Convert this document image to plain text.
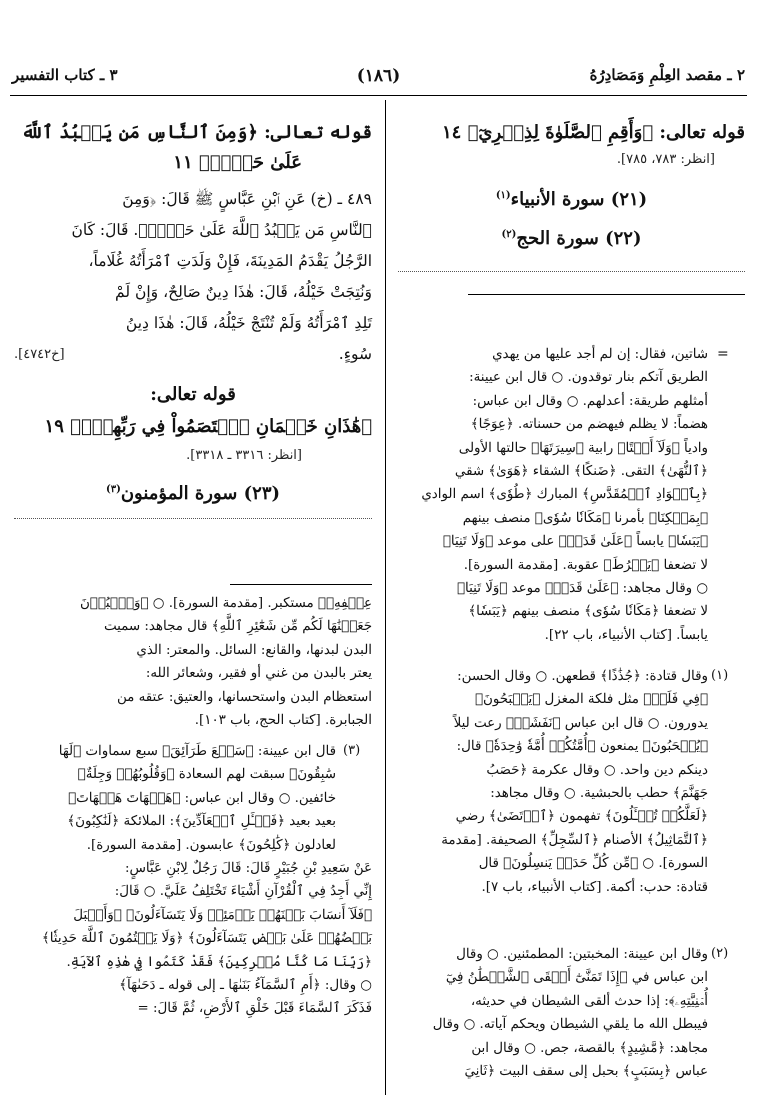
٢ ـ مقصد العِلْمِ وَمَصَادِرُهُ
(١٨٦)
٣ ـ كتاب التفسير
قوله تعالى: ﴿وَأَقِمِ ٱلصَّلَوٰةَ لِذِكۡرِيٓ﴾ ١٤
[انظر: ٧٨٣، ٧٨٥].
(٢١) سورة الأنبياء$^{(١)}$
(٢٢) سورة الحج$^{(٢)}$
=

شاتين، فقال: إن لم أجد عليها من يهدي

الطريق آتكم بنار توقدون. ○ قال ابن عيينة:

أمثلهم طريقة: أعدلهم. ○ وقال ابن عباس:

هضماً: لا يظلم فيهضم من حسناته. ﴿عِوَجًا﴾

وادياً ﴿وَلَآ أَمۡتًا﴾ رابية ﴿سِيرَتَهَا﴾ حالتها الأولى

﴿ٱلنُّهَىٰ﴾ التقى. ﴿ضَنكًا﴾ الشقاء ﴿هَوَىٰ﴾ شقي

﴿بِٱلۡوَادِ ٱلۡمُقَدَّسِ﴾ المبارك ﴿طُوٗى﴾ اسم الوادي

﴿بِمَلۡكِنَا﴾ بأمرنا ﴿مَكَانٗا سُوٗى﴾ منصف بينهم

﴿يَبَسٗا﴾ يابساً ﴿عَلَىٰ قَدَرٖ﴾ على موعد ﴿وَلَا تَنِيَا﴾

لا تضعفا ﴿يَفۡرُطَ﴾ عقوبة. [مقدمة السورة].

○ وقال مجاهد: ﴿عَلَىٰ قَدَرٖ﴾ موعد ﴿وَلَا تَنِيَا﴾

لا تضعفا ﴿مَكَانٗا سُوٗى﴾ منصف بينهم ﴿يَبَسٗا﴾

يابساً. [كتاب الأنبياء، باب ٢٢].

(١)

وقال قتادة: ﴿جُذَٰذًا﴾ قطعهن. ○ وقال الحسن:

﴿فِي فَلَكٖ﴾ مثل فلكة المغزل ﴿يَسۡبَحُونَ﴾

يدورون. ○ قال ابن عباس ﴿نَفَشَتۡ﴾ رعت ليلاً

﴿يُصۡحَبُونَ﴾ يمنعون ﴿أُمَّتُكُمۡ أُمَّةٗ وَٰحِدَةٗ﴾ قال:

دينكم دين واحد. ○ وقال عكرمة ﴿حَصَبُ

جَهَنَّمَ﴾ حطب بالحبشية. ○ وقال مجاهد:

﴿لَعَلَّكُمۡ تُسۡـَٔلُونَ﴾ تفهمون ﴿ٱرۡتَضَىٰ﴾ رضي

﴿ٱلتَّمَاثِيلُ﴾ الأصنام ﴿ٱلسِّجِلِّ﴾ الصحيفة. [مقدمة

السورة]. ○ ﴿مِّن كُلِّ حَدَبٖ يَنسِلُونَ﴾ قال

قتادة: حدب: أكمة. [كتاب الأنبياء، باب ٧].

(٢)

وقال ابن عيينة: المخبتين: المطمئنين. ○ وقال

ابن عباس في ﴿إِذَا تَمَنَّىٰٓ أَلۡقَى ٱلشَّيۡطَٰنُ فِيٓ

أُمۡنِيَّتِهِۦ﴾: إذا حدث ألقى الشيطان في حديثه،

فيبطل الله ما يلقي الشيطان ويحكم آياته. ○ وقال

مجاهد: ﴿مَّشِيدٍ﴾ بالقصة، جص. ○ وقال ابن

عباس ﴿بِسَبَبٍ﴾ بحبل إلى سقف البيت ﴿ثَانِيَ

قوله تعالى: ﴿وَمِنَ ٱلنَّاسِ مَن يَعۡبُدُ ٱللَّهَ
عَلَىٰ حَرۡفٖ﴾ ١١
٤٨٩ ـ (خ) عَنِ ٱبْنِ عَبَّاسٍ ﷺ قَالَ: ﴿وَمِنَ
ٱلنَّاسِ مَن يَعۡبُدُ ٱللَّهَ عَلَىٰ حَرۡفٖ﴾. قَالَ: كَانَ
الرَّجُلُ يَقْدَمُ المَدِينَةَ، فَإِنْ وَلَدَتِ ٱمْرَأَتُهُ غُلَاماً،
وَنُتِجَتْ خَيْلُهُ، قَالَ: هٰذَا دِينٌ صَالِحٌ، وَإِنْ لَمْ
تَلِدِ ٱمْرَأَتُهُ وَلَمْ تُنْتَجْ خَيْلُهُ، قَالَ: هٰذَا دِينُ
سُوءٍ.
[خ٤٧٤٢].
قوله تعالى:
﴿هَٰذَانِ خَصۡمَانِ ٱخۡتَصَمُواْ فِي رَبِّهِمۡۖ﴾ ١٩
[انظر: ٣٣١٦ ـ ٣٣١٨].
(٢٣) سورة المؤمنون$^{(٣)}$

عِطۡفِهِۦ﴾ مستكبر. [مقدمة السورة]. ○ ﴿وَٱلۡبُدۡنَ

جَعَلۡنَٰهَا لَكُم مِّن شَعَٰٓئِرِ ٱللَّهِ﴾ قال مجاهد: سميت

البدن لبدنها، والقانع: السائل. والمعتر: الذي

يعتر بالبدن من غني أو فقير، وشعائر الله:

استعظام البدن واستحسانها، والعتيق: عتقه من

الجبابرة. [كتاب الحج، باب ١٠٣].

(٣)

قال ابن عيينة: ﴿سَبۡعَ طَرَآئِقَ﴾ سبع سماوات ﴿لَهَا

سَٰبِقُونَ﴾ سبقت لهم السعادة ﴿وَقُلُوبُهُمۡ وَجِلَةٌ﴾

خائفين. ○ وقال ابن عباس: ﴿هَيۡهَاتَ هَيۡهَاتَ﴾

بعيد بعيد ﴿فَسۡـَٔلِ ٱلۡعَآدِّينَ﴾: الملائكة ﴿لَنَٰكِبُونَ﴾

لعادلون ﴿كَٰلِحُونَ﴾ عابسون. [مقدمة السورة].

عَنْ سَعِيدِ بْنِ جُبَيْرٍ قَالَ: قَالَ رَجُلٌ لِابْنِ عَبَّاسٍ:

إِنِّي أَجِدُ فِي ٱلْقُرْآنِ أَشْيَاءَ تَخْتَلِفُ عَلَيَّ. ○ قَالَ:

﴿فَلَآ أَنسَابَ بَيۡنَهُمۡ يَوۡمَئِذٖ وَلَا يَتَسَآءَلُونَ﴾ ﴿وَأَقۡبَلَ

بَعۡضُهُمۡ عَلَىٰ بَعۡضٖ يَتَسَآءَلُونَ﴾ ﴿وَلَا يَكۡتُمُونَ ٱللَّهَ حَدِيثٗا﴾

﴿رَبِّنَا مَا كُنَّا مُشۡرِكِينَ﴾ فَقَدْ كَتَمُوا فِي هٰذِهِ ٱلآيَةِ.

○ وقال: ﴿أَمِ ٱلسَّمَآءُ بَنَىٰهَا ـ إلى قوله ـ دَحَىٰهَآ﴾

فَذَكَرَ ٱلسَّمَاءَ قَبْلَ خَلْقِ ٱلأَرْضِ، ثُمَّ قَالَ: =
